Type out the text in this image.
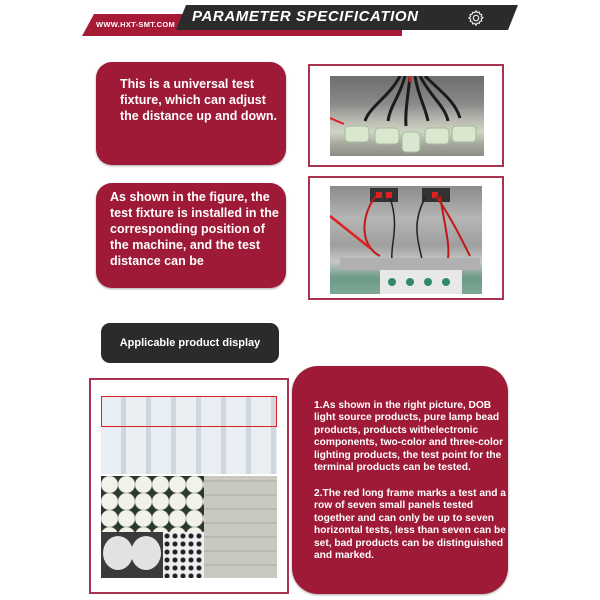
WWW.HXT-SMT.COM PARAMETER SPECIFICATION

This is a universal test fixture, which can adjust the distance up and down.

As shown in the figure, the test fixture is installed in the corresponding position of the machine, and the test distance can be

Applicable product display

1.As shown in the right picture, DOB light source products, pure lamp bead products, products withelectronic components, two-color and three-color lighting products, the test point for the terminal products can be tested.

2.The red long frame marks a test and a row of seven small panels tested together and can only be up to seven horizontal tests, less than seven can be set, bad products can be distinguished and marked.
